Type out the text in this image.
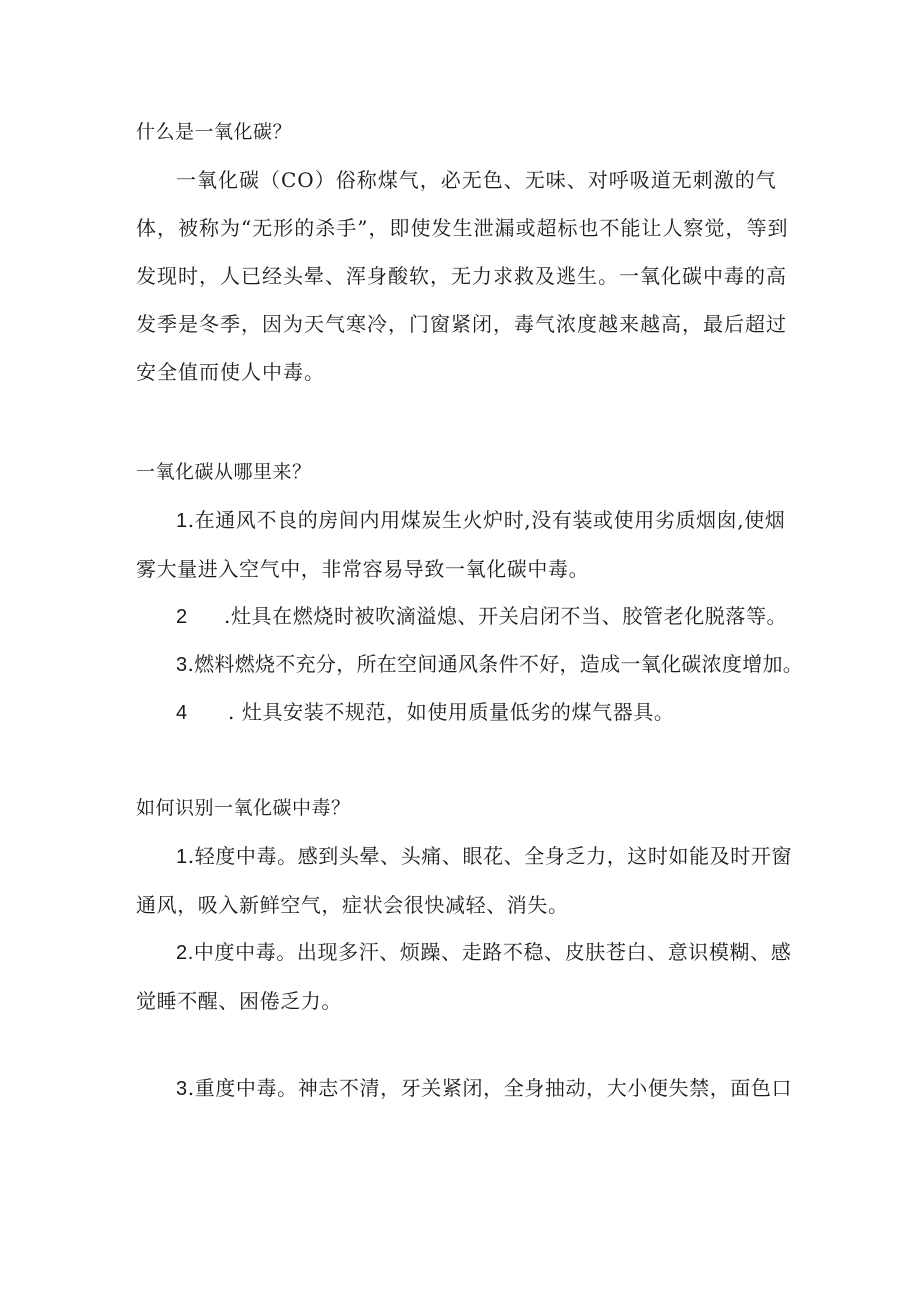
什么是一氧化碳？
一氧化碳（CO）俗称煤气，必无色、无味、对呼吸道无刺激的气体，被称为“无形的杀手”，即使发生泄漏或超标也不能让人察觉，等到发现时，人已经头晕、浑身酸软，无力求救及逃生。一氧化碳中毒的高发季是冬季，因为天气寒冷，门窗紧闭，毒气浓度越来越高，最后超过安全值而使人中毒。
一氧化碳从哪里来？
1.在通风不良的房间内用煤炭生火炉时,没有装或使用劣质烟囱,使烟雾大量进入空气中，非常容易导致一氧化碳中毒。
2 .灶具在燃烧时被吹滴溢熄、开关启闭不当、胶管老化脱落等。
3.燃料燃烧不充分，所在空间通风条件不好，造成一氧化碳浓度增加。
4 . 灶具安装不规范，如使用质量低劣的煤气器具。
如何识别一氧化碳中毒？
1.轻度中毒。感到头晕、头痛、眼花、全身乏力，这时如能及时开窗通风，吸入新鲜空气，症状会很快减轻、消失。
2.中度中毒。出现多汗、烦躁、走路不稳、皮肤苍白、意识模糊、感觉睡不醒、困倦乏力。
3.重度中毒。神志不清，牙关紧闭，全身抽动，大小便失禁，面色口
